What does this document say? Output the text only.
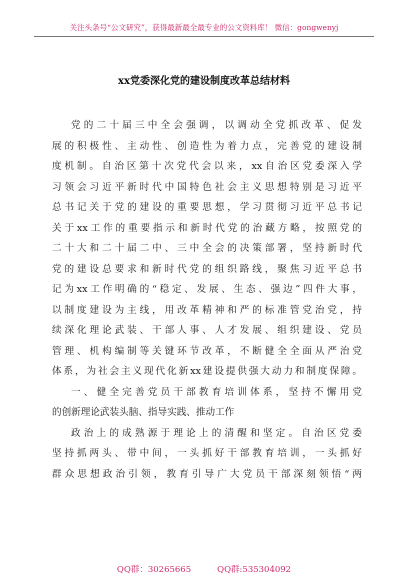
关注头条号“公文研究”，获得最新最全最专业的公文资料库！ 微信：gongwenyj
xx党委深化党的建设制度改革总结材料
党的二十届三中全会强调，以调动全党抓改革、促发
展的积极性、主动性、创造性为着力点，完善党的建设制
度机制。自治区第十次党代会以来，xx自治区党委深入学
习领会习近平新时代中国特色社会主义思想特别是习近平
总书记关于党的建设的重要思想，学习贯彻习近平总书记
关于xx工作的重要指示和新时代党的治藏方略，按照党的
二十大和二十届二中、三中全会的决策部署，坚持新时代
党的建设总要求和新时代党的组织路线，聚焦习近平总书
记为xx工作明确的“稳定、发展、生态、强边”四件大事，
以制度建设为主线，用改革精神和严的标准管党治党，持
续深化理论武装、干部人事、人才发展、组织建设、党员
管理、机构编制等关键环节改革，不断健全全面从严治党
体系，为社会主义现代化新xx建设提供强大动力和制度保障。
一、健全完善党员干部教育培训体系，坚持不懈用党
的创新理论武装头脑、指导实践、推动工作
政治上的成熟源于理论上的清醒和坚定。自治区党委
坚持抓两头、带中间，一头抓好干部教育培训，一头抓好
群众思想政治引领，教育引导广大党员干部深刻领悟“两
QQ群：30265665	QQ群:535304092
